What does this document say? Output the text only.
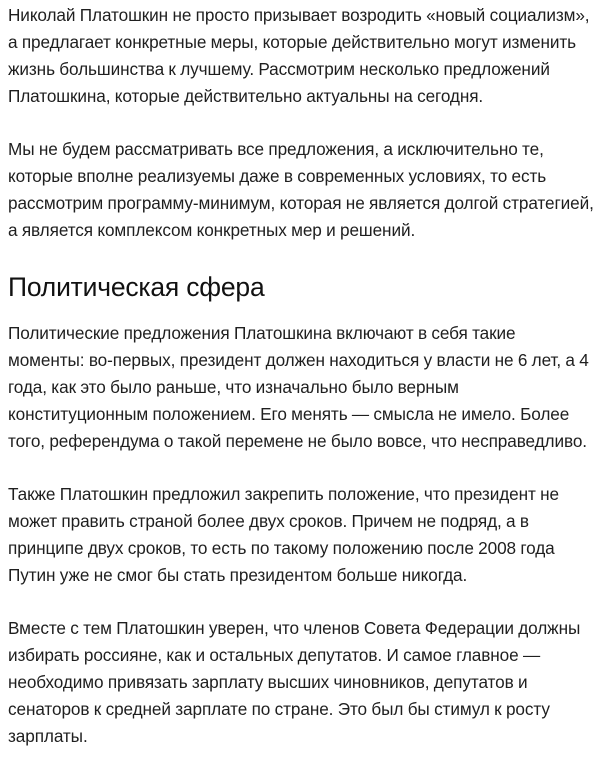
Николай Платошкин не просто призывает возродить «новый социализм», а предлагает конкретные меры, которые действительно могут изменить жизнь большинства к лучшему. Рассмотрим несколько предложений Платошкина, которые действительно актуальны на сегодня.

Мы не будем рассматривать все предложения, а исключительно те, которые вполне реализуемы даже в современных условиях, то есть рассмотрим программу-минимум, которая не является долгой стратегией, а является комплексом конкретных мер и решений.

Политическая сфера

Политические предложения Платошкина включают в себя такие моменты: во-первых, президент должен находиться у власти не 6 лет, а 4 года, как это было раньше, что изначально было верным конституционным положением. Его менять — смысла не имело. Более того, референдума о такой перемене не было вовсе, что несправедливо.

Также Платошкин предложил закрепить положение, что президент не может править страной более двух сроков. Причем не подряд, а в принципе двух сроков, то есть по такому положению после 2008 года Путин уже не смог бы стать президентом больше никогда.

Вместе с тем Платошкин уверен, что членов Совета Федерации должны избирать россияне, как и остальных депутатов. И самое главное — необходимо привязать зарплату высших чиновников, депутатов и сенаторов к средней зарплате по стране. Это был бы стимул к росту зарплаты.
